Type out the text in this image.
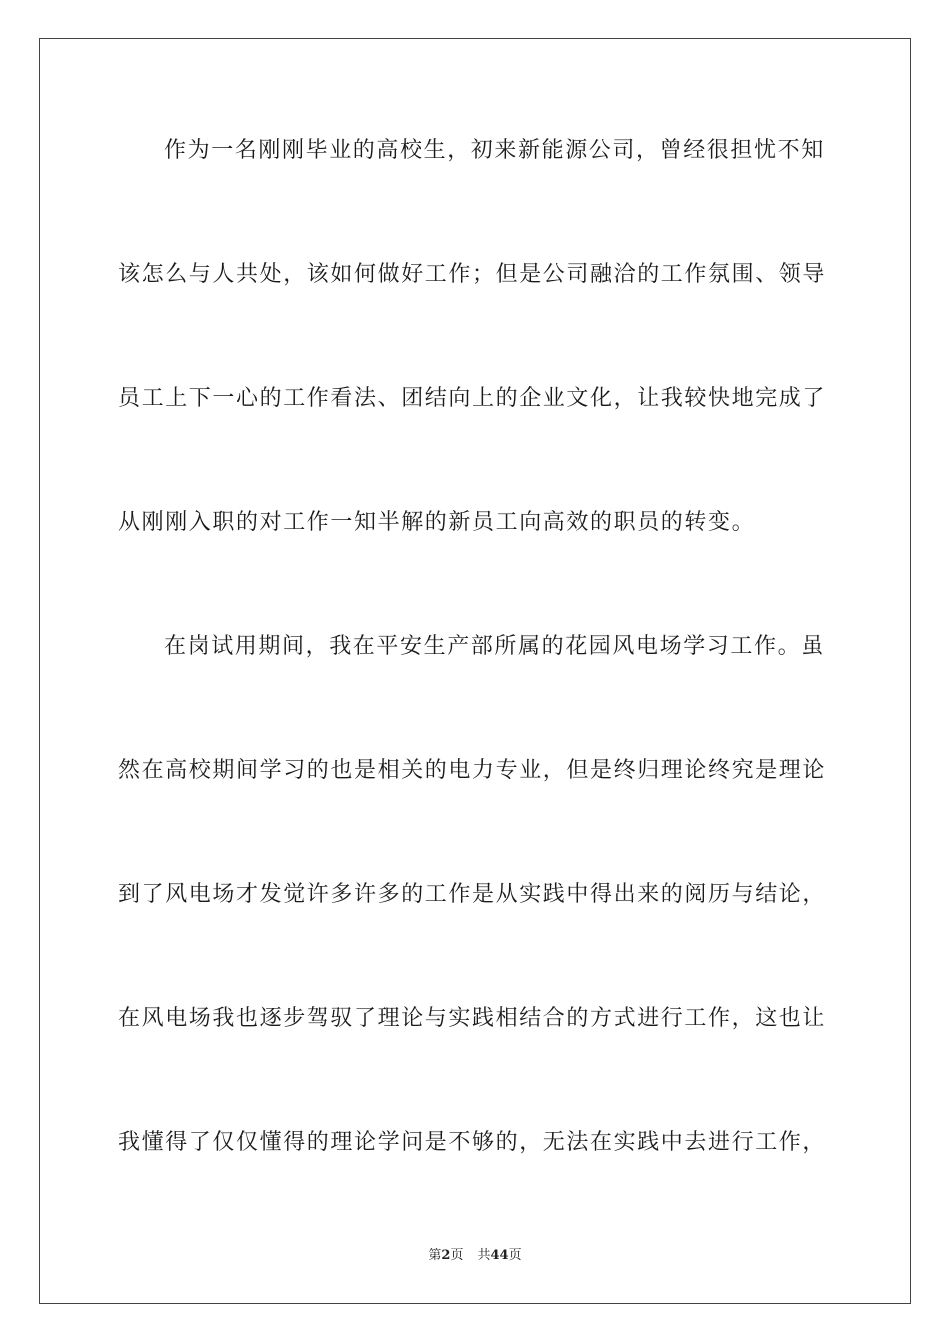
作为一名刚刚毕业的高校生，初来新能源公司，曾经很担忧不知
该怎么与人共处，该如何做好工作；但是公司融洽的工作氛围、领导
员工上下一心的工作看法、团结向上的企业文化，让我较快地完成了
从刚刚入职的对工作一知半解的新员工向高效的职员的转变。
在岗试用期间，我在平安生产部所属的花园风电场学习工作。虽
然在高校期间学习的也是相关的电力专业，但是终归理论终究是理论
到了风电场才发觉许多许多的工作是从实践中得出来的阅历与结论，
在风电场我也逐步驾驭了理论与实践相结合的方式进行工作，这也让
我懂得了仅仅懂得的理论学问是不够的，无法在实践中去进行工作，
第2页 共44页
